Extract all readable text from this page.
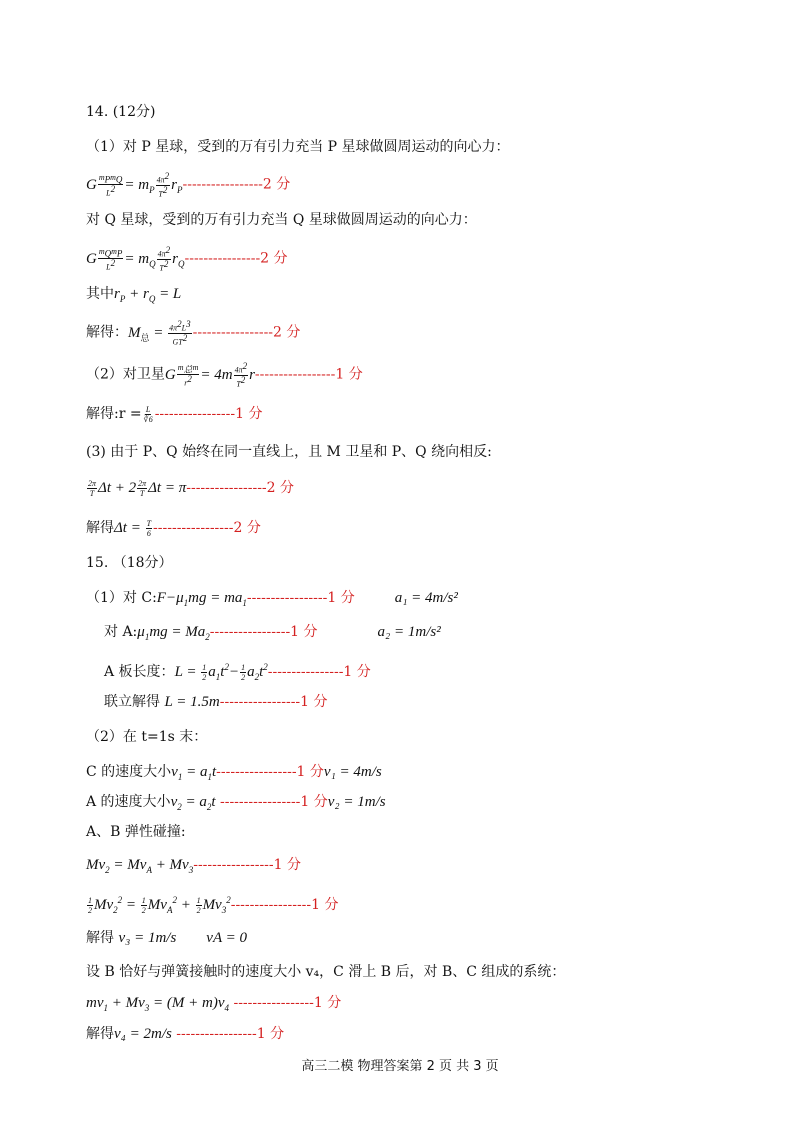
14. (12分)
（1）对 P 星球，受到的万有引力充当 P 星球做圆周运动的向心力：
G $\frac{m_Pm_Q}{L^2} = m_P \frac{4\pi^2}{T^2} r_P-----------------2$ 分
对 Q 星球，受到的万有引力充当 Q 星球做圆周运动的向心力：
G $\frac{m_Qm_P}{L^2} = m_Q \frac{4\pi^2}{T^2} r_Q----------------2$ 分
其中$r_P + r_Q = L$
解得：$M_总 = \frac{4\pi^2L^3}{GT^2} -----------------2$ 分
（2）对卫星G $\frac{m_总m}{r^2} = 4m \frac{4\pi^2}{T^2} r-----------------1$ 分
解得:r = $\frac{L}{∛6} -----------------1$ 分
(3) 由于 P、Q 始终在同一直线上，且 M 卫星和 P、Q 绕向相反:
$\frac{2\pi}{T}$ $\Delta t + 2 \frac{2\pi}{T}$ Δt = π-----------------2 分
解得$\Delta t = \frac{T}{6} -----------------2$ 分
15. （18分）
（1）对 $C:F-\mu_1mg = ma_1-----------------1$ 分	a₁ = 4m/s²
对 $A:\mu_1mg = Ma_2-----------------1$ 分	a₂ = 1m/s²
A 板长度：$L = \frac{1}{2} a_1t^2- \frac{1}{2} a_2t^2----------------1$ 分
联立解得 L = 1.5m-----------------1 分
（2）在 t=1s 末：
C 的速度大小$v_1 = a_1t-----------------1$ 分v₁ = 4m/s
A 的速度大小$v_2 = a_2t$ -----------------1 分v₂ = 1m/s
A、B 弹性碰撞:
$Mv_2 = Mv_A + Mv_3-----------------1$ 分
$\frac{1}{2} Mv_2^2 = \frac{1}{2} Mv_A^2 + \frac{1}{2} Mv_3^2-----------------1$ 分
解得 v₃ = 1m/s vA = 0
设 B 恰好与弹簧接触时的速度大小 v₄，C 滑上 B 后，对 B、C 组成的系统：
$mv_1 + Mv_3 = (M + m)v_4$ -----------------1 分
解得v₄ = 2m/s -----------------1 分
高三二模 物理答案第 2 页 共 3 页
